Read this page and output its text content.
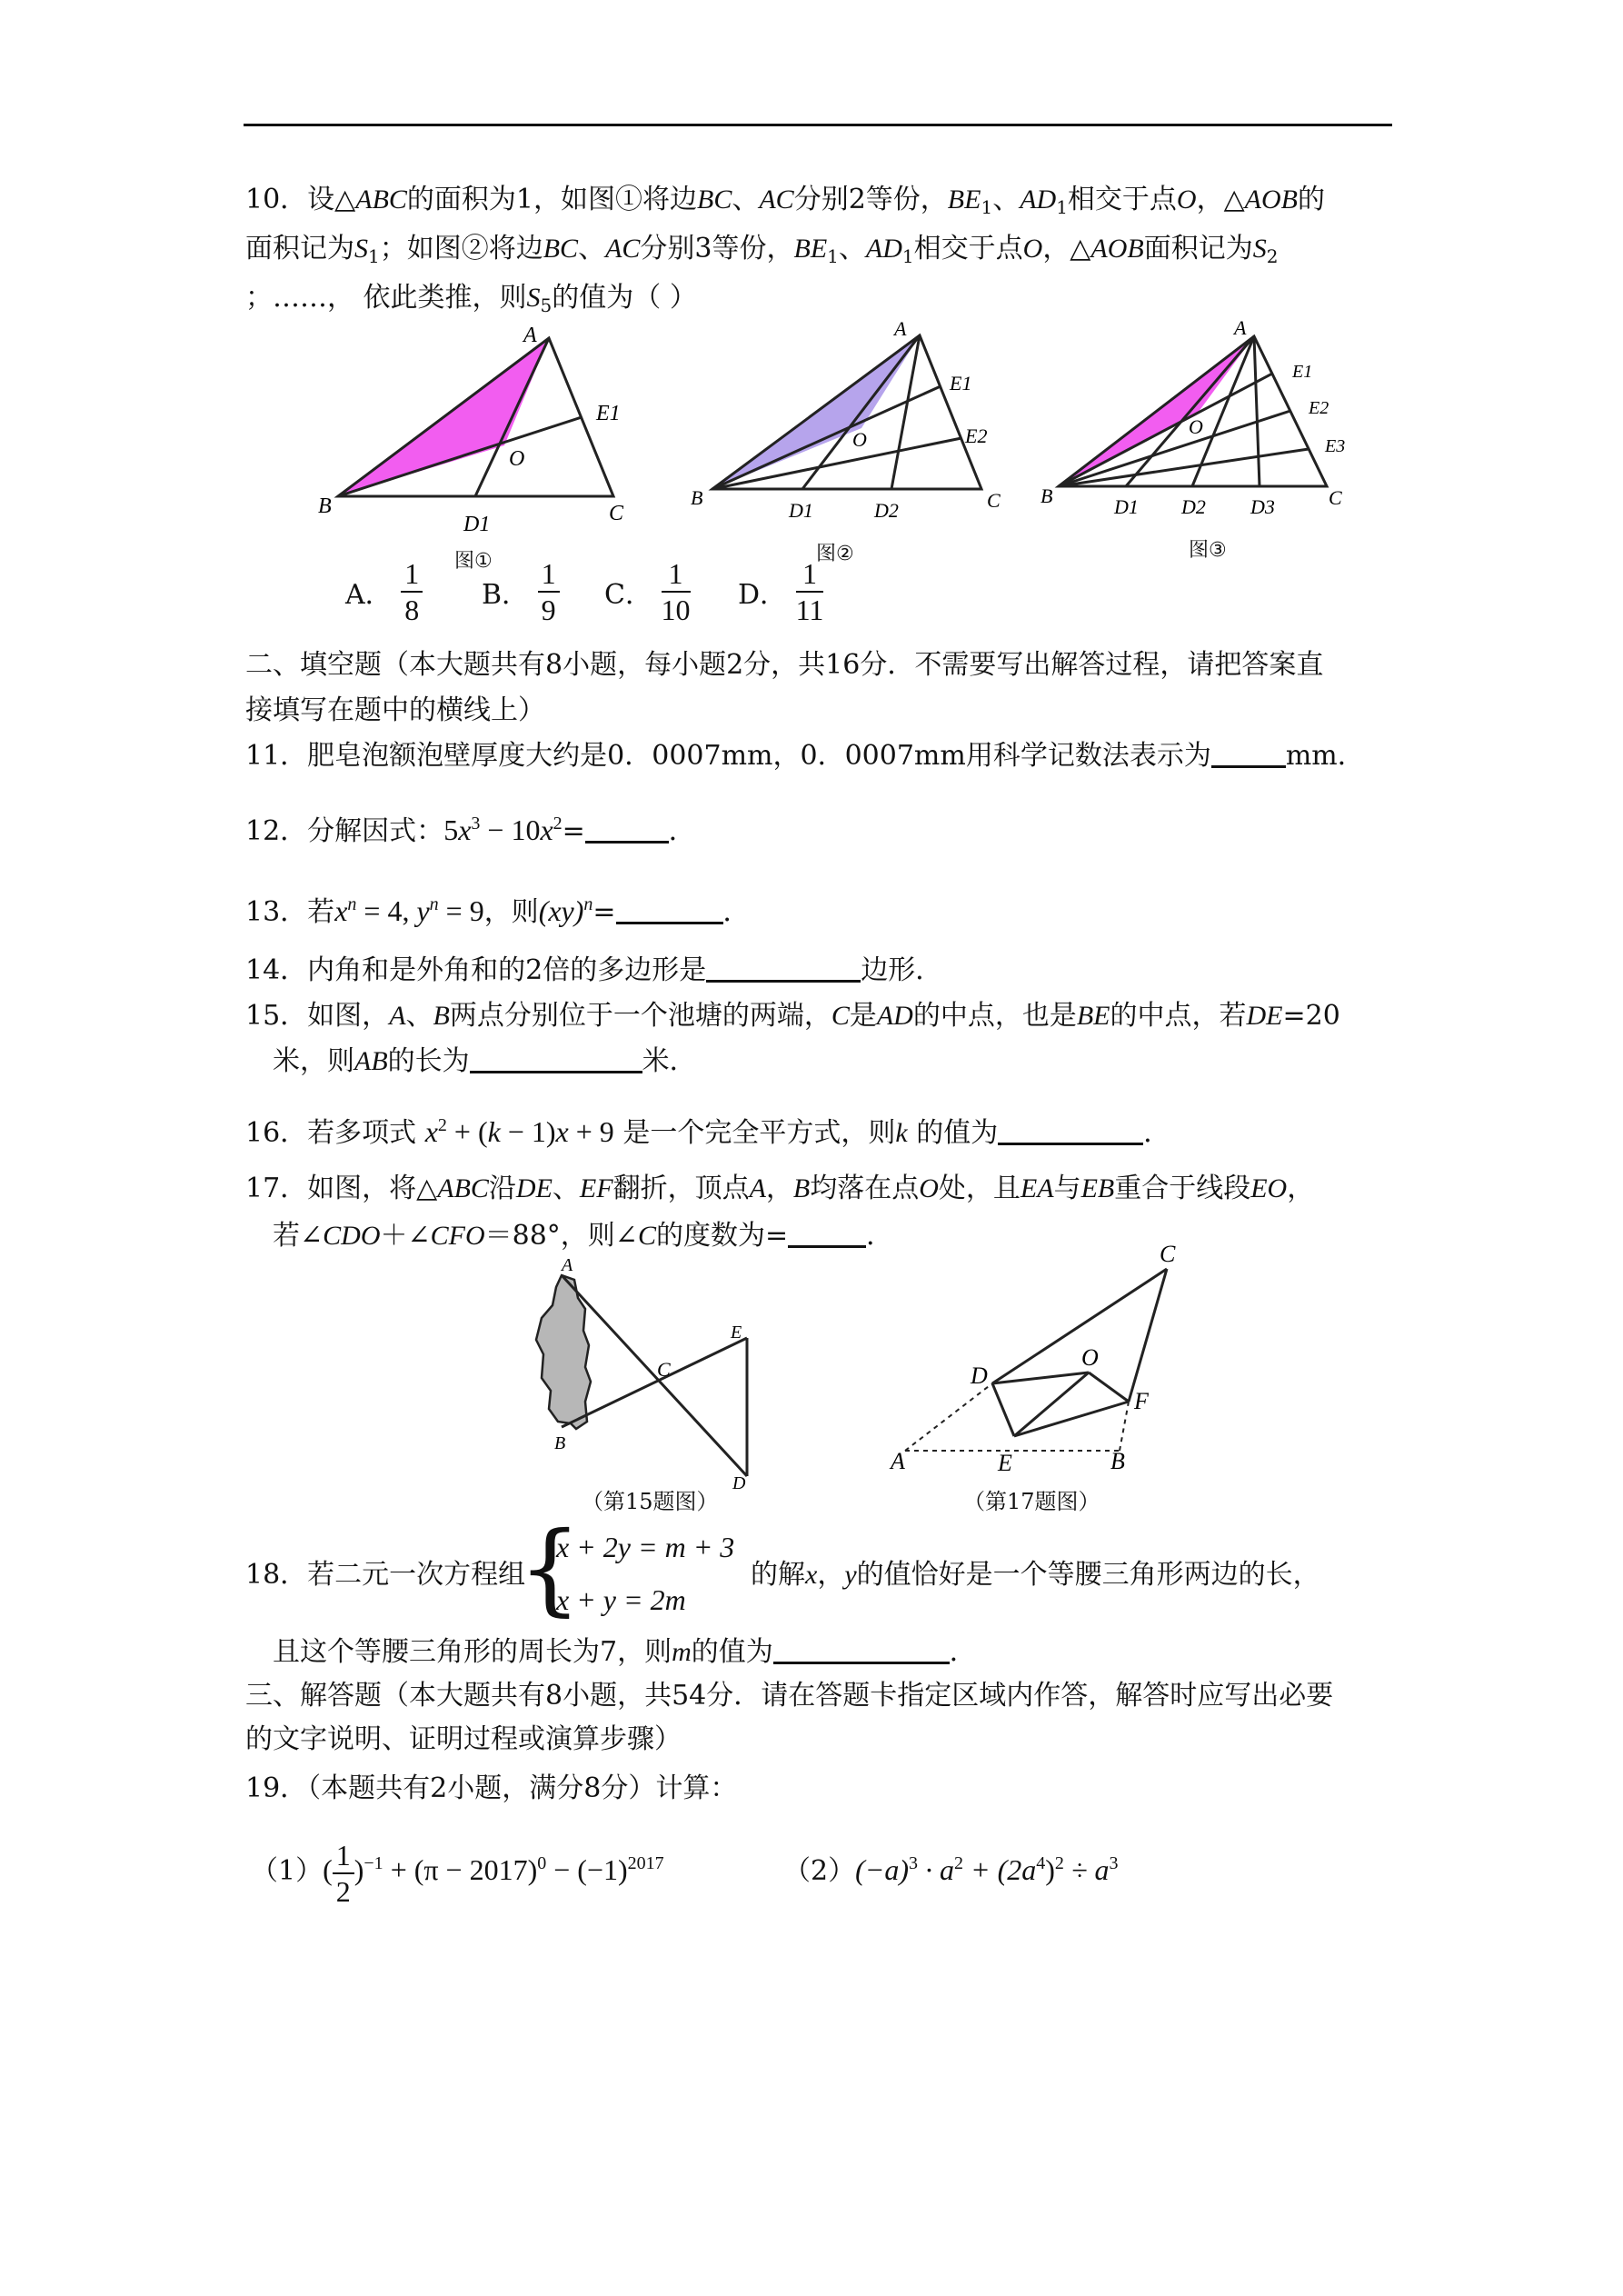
10．设△ABC的面积为1，如图①将边BC、AC分别2等份，$BE_1$、$AD_1$相交于点O，△AOB的
面积记为$S_1$；如图②将边BC、AC分别3等份，$BE_1$、$AD_1$相交于点O，△AOB面积记为$S_2$
；……， 依此类推，则$S_5$的值为（ ）
A
B	C
O
E1
D1
图①
A
B	C
O
E1
E2
D1	D2
图②
A
B	C
O
E1
E2
E3
D1 D2 D3
图③
A． $\frac{1}{8}$ B． $\frac{1}{9}$ C． $\frac{1}{10}$ D． $\frac{1}{11}$
二、填空题（本大题共有8小题，每小题2分，共16分．不需要写出解答过程，请把答案直
接填写在题中的横线上）
11．肥皂泡额泡壁厚度大约是0．0007mm，0．0007mm用科学记数法表示为	mm．
12．分解因式：$5x^3 - 10x^2=$	．
13．若$x^n = 4$, $y^n = 9$，则(xy)$^n$=	．
14．内角和是外角和的2倍的多边形是	边形．
15．如图，A、B两点分别位于一个池塘的两端，C是AD的中点，也是BE的中点，若DE=20
米，则AB的长为	米．
16．若多项式 $x^2 + (k - 1)x + 9$ 是一个完全平方式，则k 的值为	．
17．如图，将△ABC沿DE、EF翻折，顶点A，B均落在点O处，且EA与EB重合于线段EO，
若∠CDO＋∠CFO＝88°，则∠C的度数为=	．
A
B
C
E
D
（第15题图）
C
D
O
F
A	E	B
（第17题图）
18．若二元一次方程组
{
x + 2y = m + 3
x + y = 2m
的解x，y的值恰好是一个等腰三角形两边的长，
且这个等腰三角形的周长为7，则m的值为	．
三、解答题（本大题共有8小题，共54分．请在答题卡指定区域内作答，解答时应写出必要
的文字说明、证明过程或演算步骤）
19．（本题共有2小题，满分8分）计算：
$(1)( \frac{1}{2} )^{-1} + (\pi - 2017)^0 - (-1)^{2017}$	$(2)(-a)^3 \cdot a^2 + (2a^4)^2 \div a^3$
